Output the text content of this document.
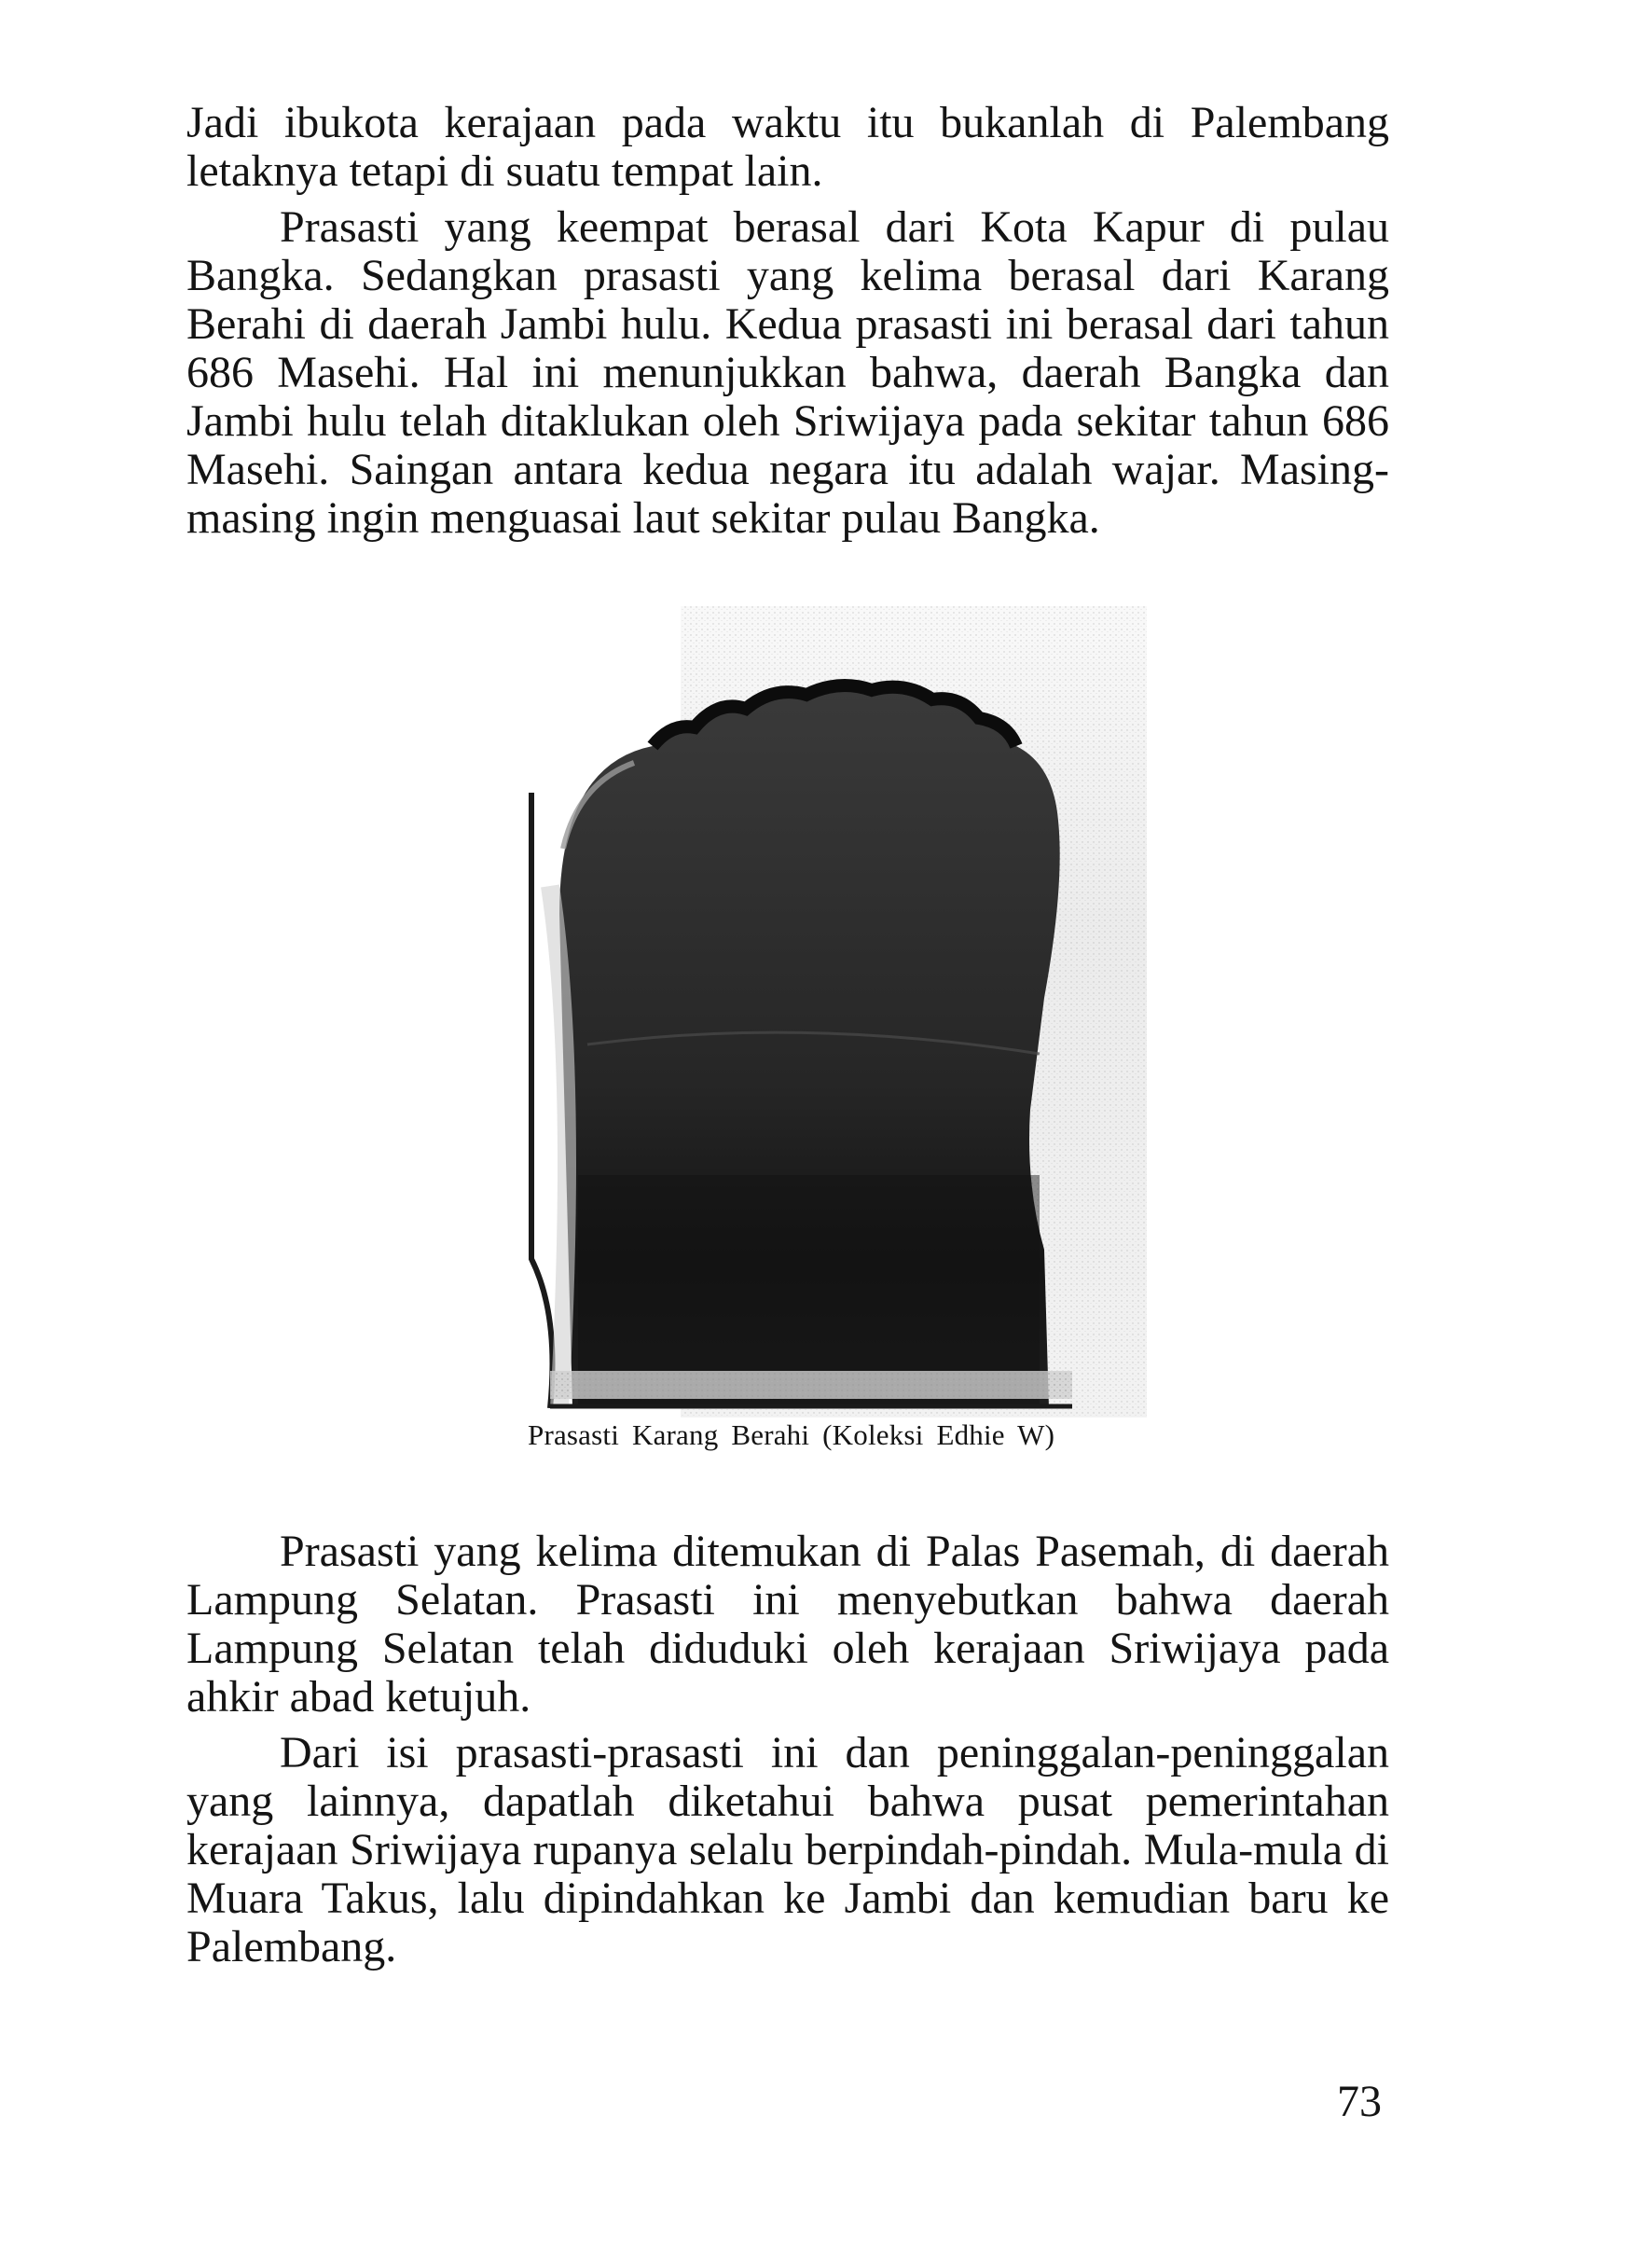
Jadi ibukota kerajaan pada waktu itu bukanlah di Palembang letaknya tetapi di suatu tempat lain.

Prasasti yang keempat berasal dari Kota Kapur di pulau Bangka. Sedangkan prasasti yang kelima berasal dari Karang Berahi di daerah Jambi hulu. Kedua prasasti ini berasal dari tahun 686 Masehi. Hal ini menunjukkan bahwa, daerah Bangka dan Jambi hulu telah ditaklukan oleh Sriwijaya pada sekitar tahun 686 Masehi. Saingan antara kedua negara itu adalah wajar. Masing-masing ingin menguasai laut sekitar pulau Bangka.

Prasasti Karang Berahi (Koleksi Edhie W)

Prasasti yang kelima ditemukan di Palas Pasemah, di daerah Lampung Selatan. Prasasti ini menyebutkan bahwa daerah Lampung Selatan telah diduduki oleh kerajaan Sriwijaya pada ahkir abad ketujuh.

Dari isi prasasti-prasasti ini dan peninggalan-peninggalan yang lainnya, dapatlah diketahui bahwa pusat pemerintahan kerajaan Sriwijaya rupanya selalu berpindah-pindah. Mula-mula di Muara Takus, lalu dipindahkan ke Jambi dan kemudian baru ke Palembang.

73
